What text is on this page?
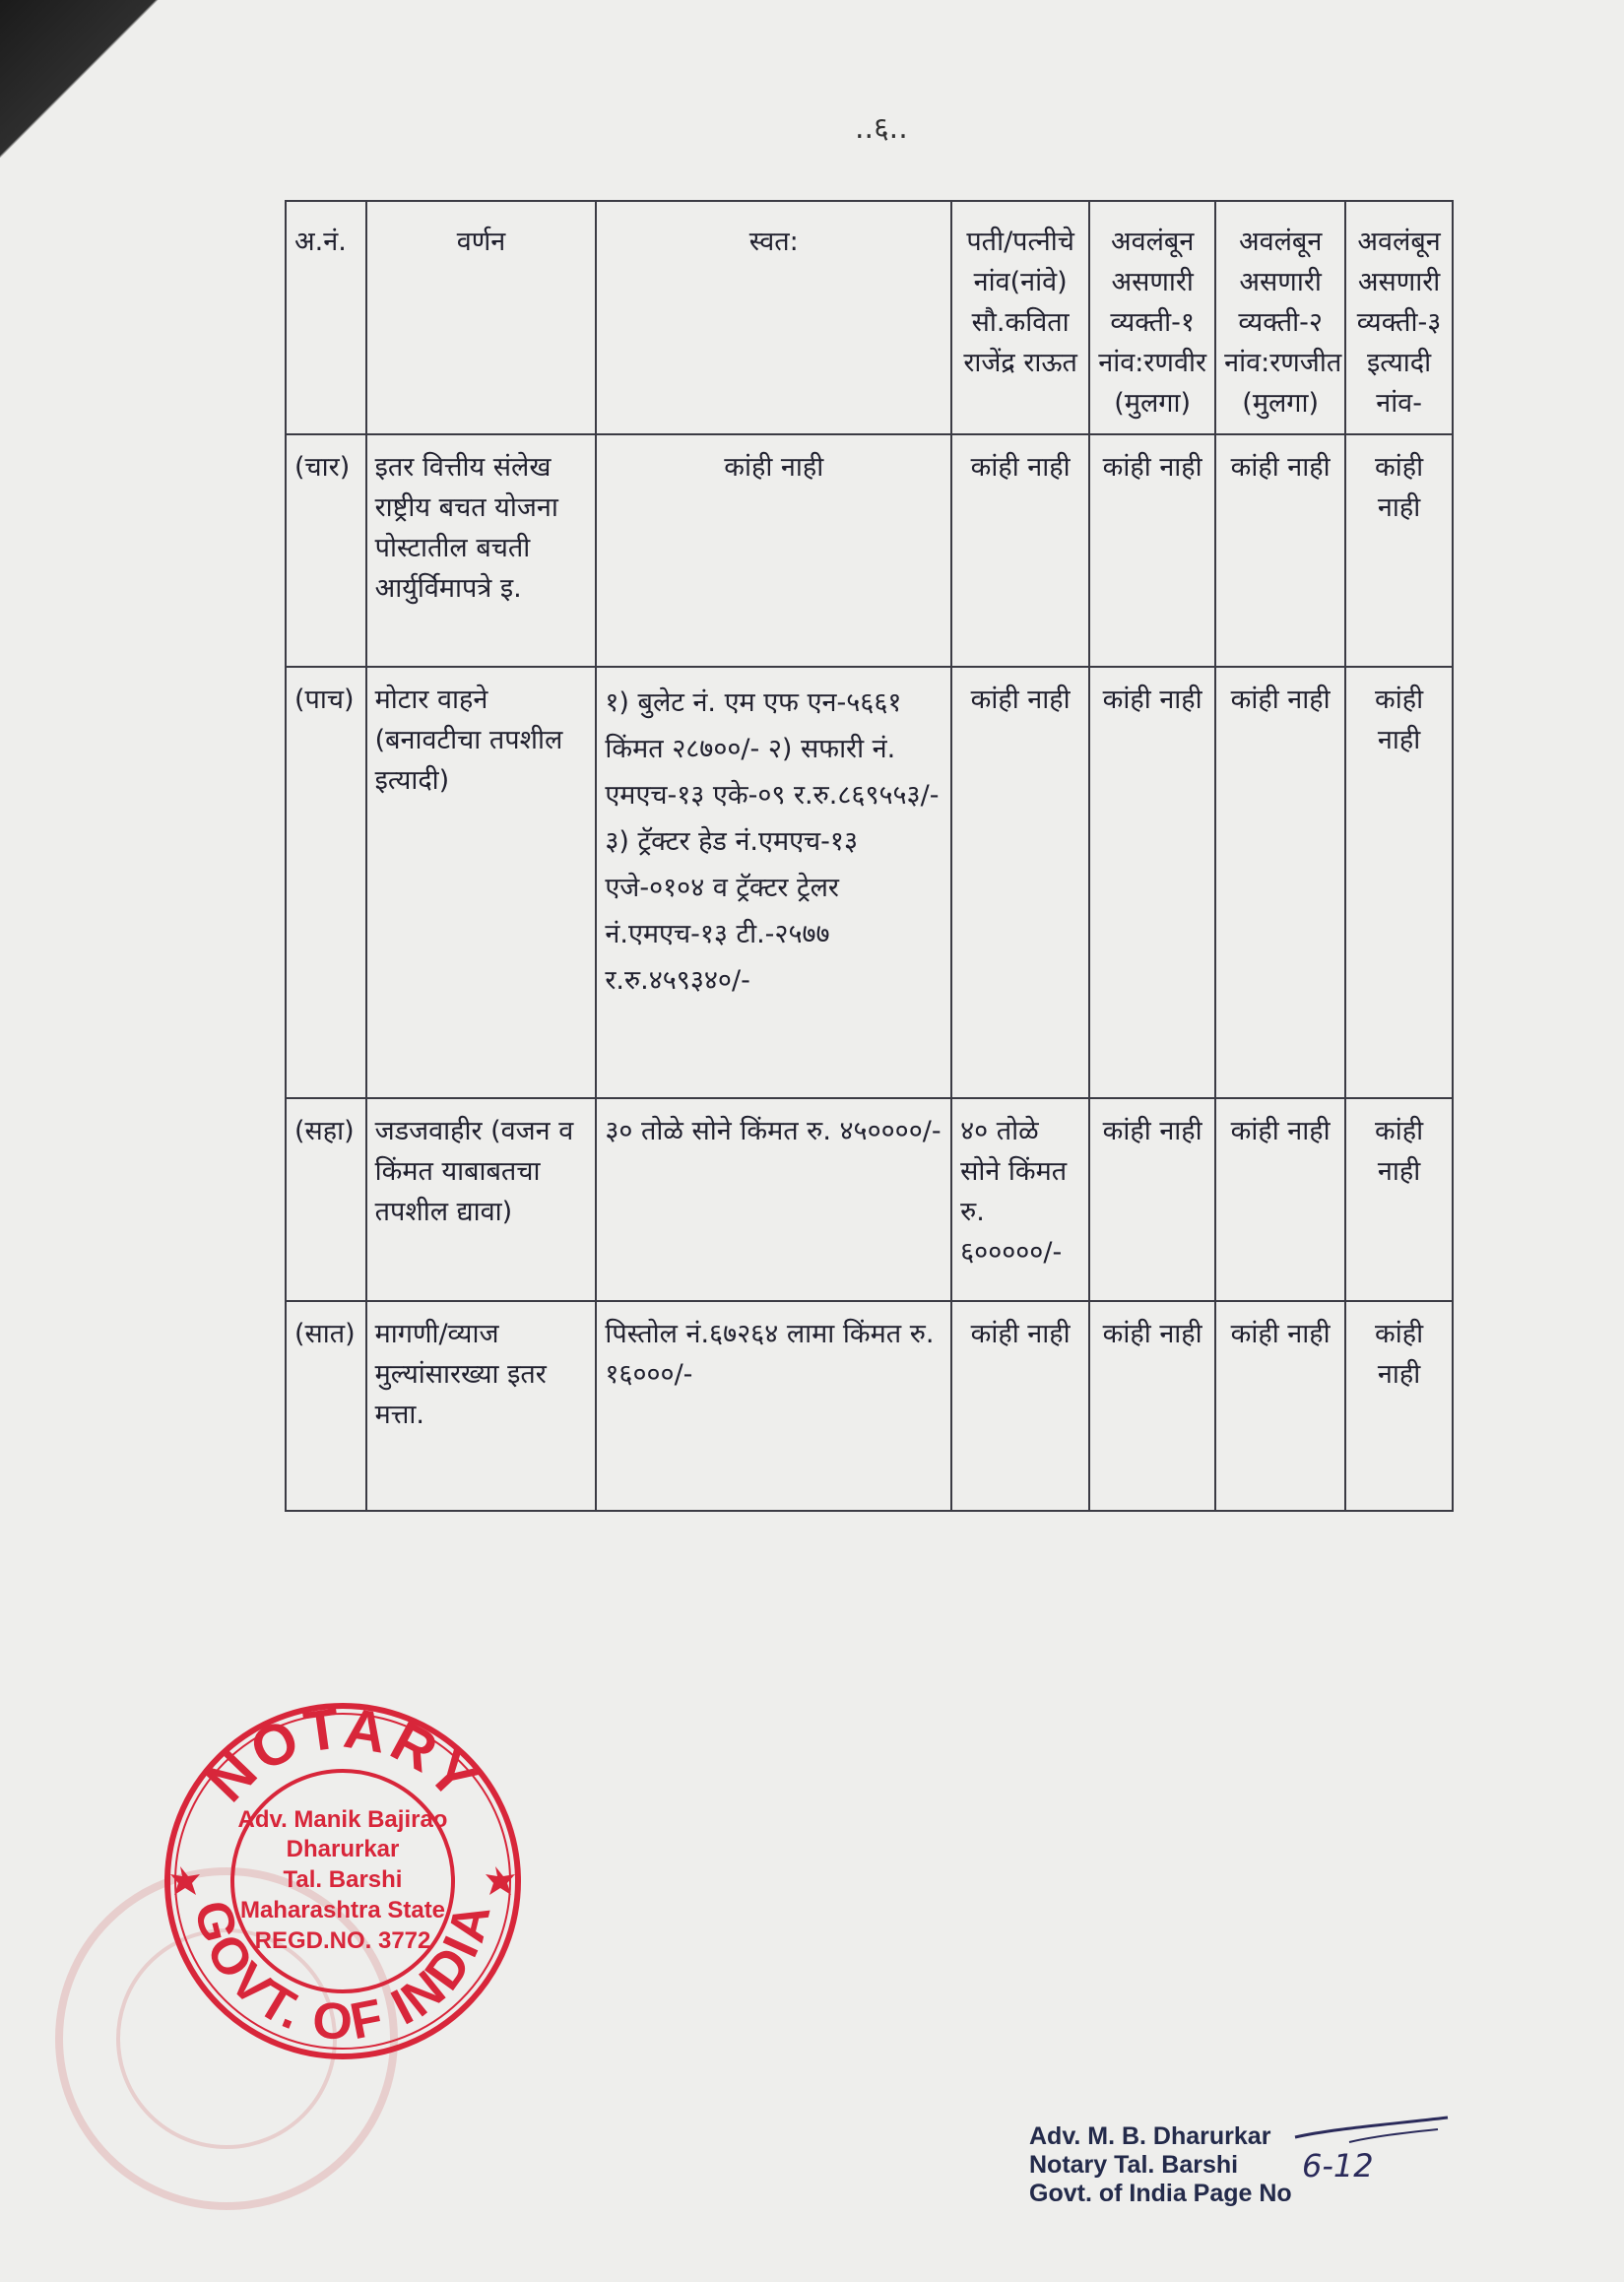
..६..
अ.नं.	वर्णन	स्वत:	पती/पत्नीचे नांव(नांवे) सौ.कविता राजेंद्र राऊत	अवलंबून असणारी व्यक्ती-१ नांव:रणवीर (मुलगा)	अवलंबून असणारी व्यक्ती-२ नांव:रणजीत (मुलगा)	अवलंबून असणारी व्यक्ती-३ इत्यादी नांव-
(चार)	इतर वित्तीय संलेख राष्ट्रीय बचत योजना पोस्टातील बचती आर्युर्विमापत्रे इ.	कांही नाही	कांही नाही	कांही नाही	कांही नाही	कांही नाही
(पाच)	मोटार वाहने (बनावटीचा तपशील इत्यादी)	१) बुलेट नं. एम एफ एन-५६६१ किंमत २८७००/- २) सफारी नं. एमएच-१३ एके-०९ र.रु.८६९५५३/- ३) ट्रॅक्टर हेड नं.एमएच-१३ एजे-०१०४ व ट्रॅक्टर ट्रेलर नं.एमएच-१३ टी.-२५७७ र.रु.४५९३४०/-	कांही नाही	कांही नाही	कांही नाही	कांही नाही
(सहा)	जडजवाहीर (वजन व किंमत याबाबतचा तपशील द्यावा)	३० तोळे सोने किंमत रु. ४५००००/-	४० तोळे सोने किंमत रु. ६०००००/-	कांही नाही	कांही नाही	कांही नाही
(सात)	मागणी/व्याज मुल्यांसारख्या इतर मत्ता.	पिस्तोल नं.६७२६४ लामा किंमत रु. १६०००/-	कांही नाही	कांही नाही	कांही नाही	कांही नाही
NOTARY
GOVT. OF INDIA
Adv. Manik Bajirao
Dharurkar
Tal. Barshi
Maharashtra State
REGD.NO. 3772
Adv. M. B. Dharurkar
Notary Tal. Barshi
Govt. of India Page No
6-12
